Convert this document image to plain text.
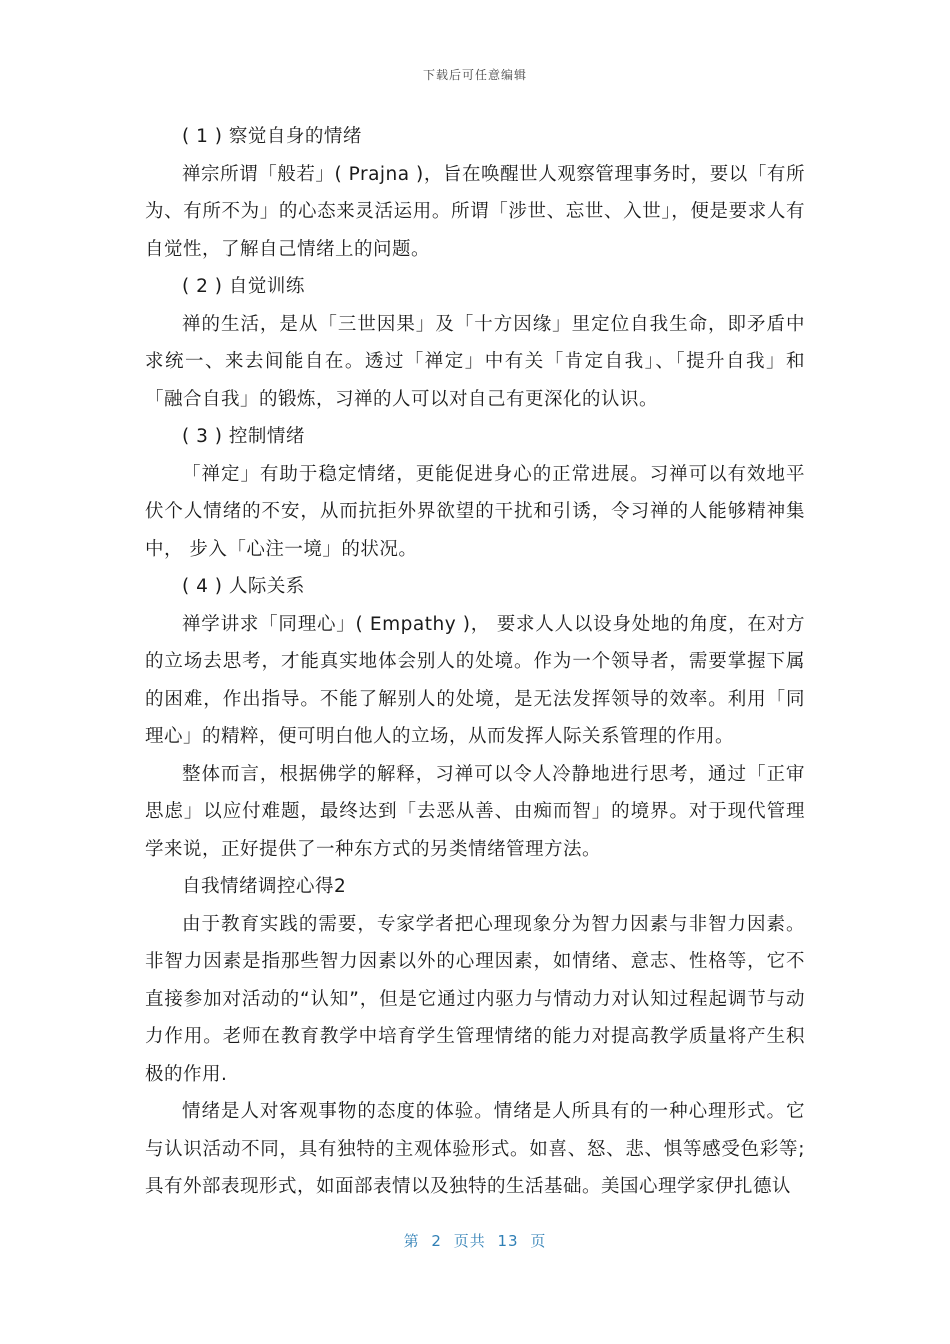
下载后可任意编辑

( 1 ) 察觉自身的情绪

禅宗所谓「般若」( Prajna )，旨在唤醒世人观察管理事务时，要以「有所为、有所不为」的心态来灵活运用。所谓「涉世、忘世、入世」，便是要求人有自觉性，了解自己情绪上的问题。

( 2 ) 自觉训练

禅的生活，是从「三世因果」及「十方因缘」里定位自我生命，即矛盾中求统一、来去间能自在。透过「禅定」中有关「肯定自我」、「提升自我」和「融合自我」的锻炼，习禅的人可以对自己有更深化的认识。

( 3 ) 控制情绪

「禅定」有助于稳定情绪，更能促进身心的正常进展。习禅可以有效地平伏个人情绪的不安，从而抗拒外界欲望的干扰和引诱，令习禅的人能够精神集中， 步入「心注一境」的状况。

( 4 ) 人际关系

禅学讲求「同理心」( Empathy )， 要求人人以设身处地的角度，在对方的立场去思考，才能真实地体会别人的处境。作为一个领导者，需要掌握下属的困难，作出指导。不能了解别人的处境，是无法发挥领导的效率。利用「同理心」的精粹，便可明白他人的立场，从而发挥人际关系管理的作用。

整体而言，根据佛学的解释，习禅可以令人冷静地进行思考，通过「正审思虑」以应付难题，最终达到「去恶从善、由痴而智」的境界。对于现代管理学来说，正好提供了一种东方式的另类情绪管理方法。

自我情绪调控心得2

由于教育实践的需要，专家学者把心理现象分为智力因素与非智力因素。非智力因素是指那些智力因素以外的心理因素，如情绪、意志、性格等，它不直接参加对活动的“认知”，但是它通过内驱力与情动力对认知过程起调节与动力作用。老师在教育教学中培育学生管理情绪的能力对提高教学质量将产生积极的作用.

情绪是人对客观事物的态度的体验。情绪是人所具有的一种心理形式。它与认识活动不同，具有独特的主观体验形式。如喜、怒、悲、惧等感受色彩等;具有外部表现形式，如面部表情以及独特的生活基础。美国心理学家伊扎德认

第 2 页共 13 页
